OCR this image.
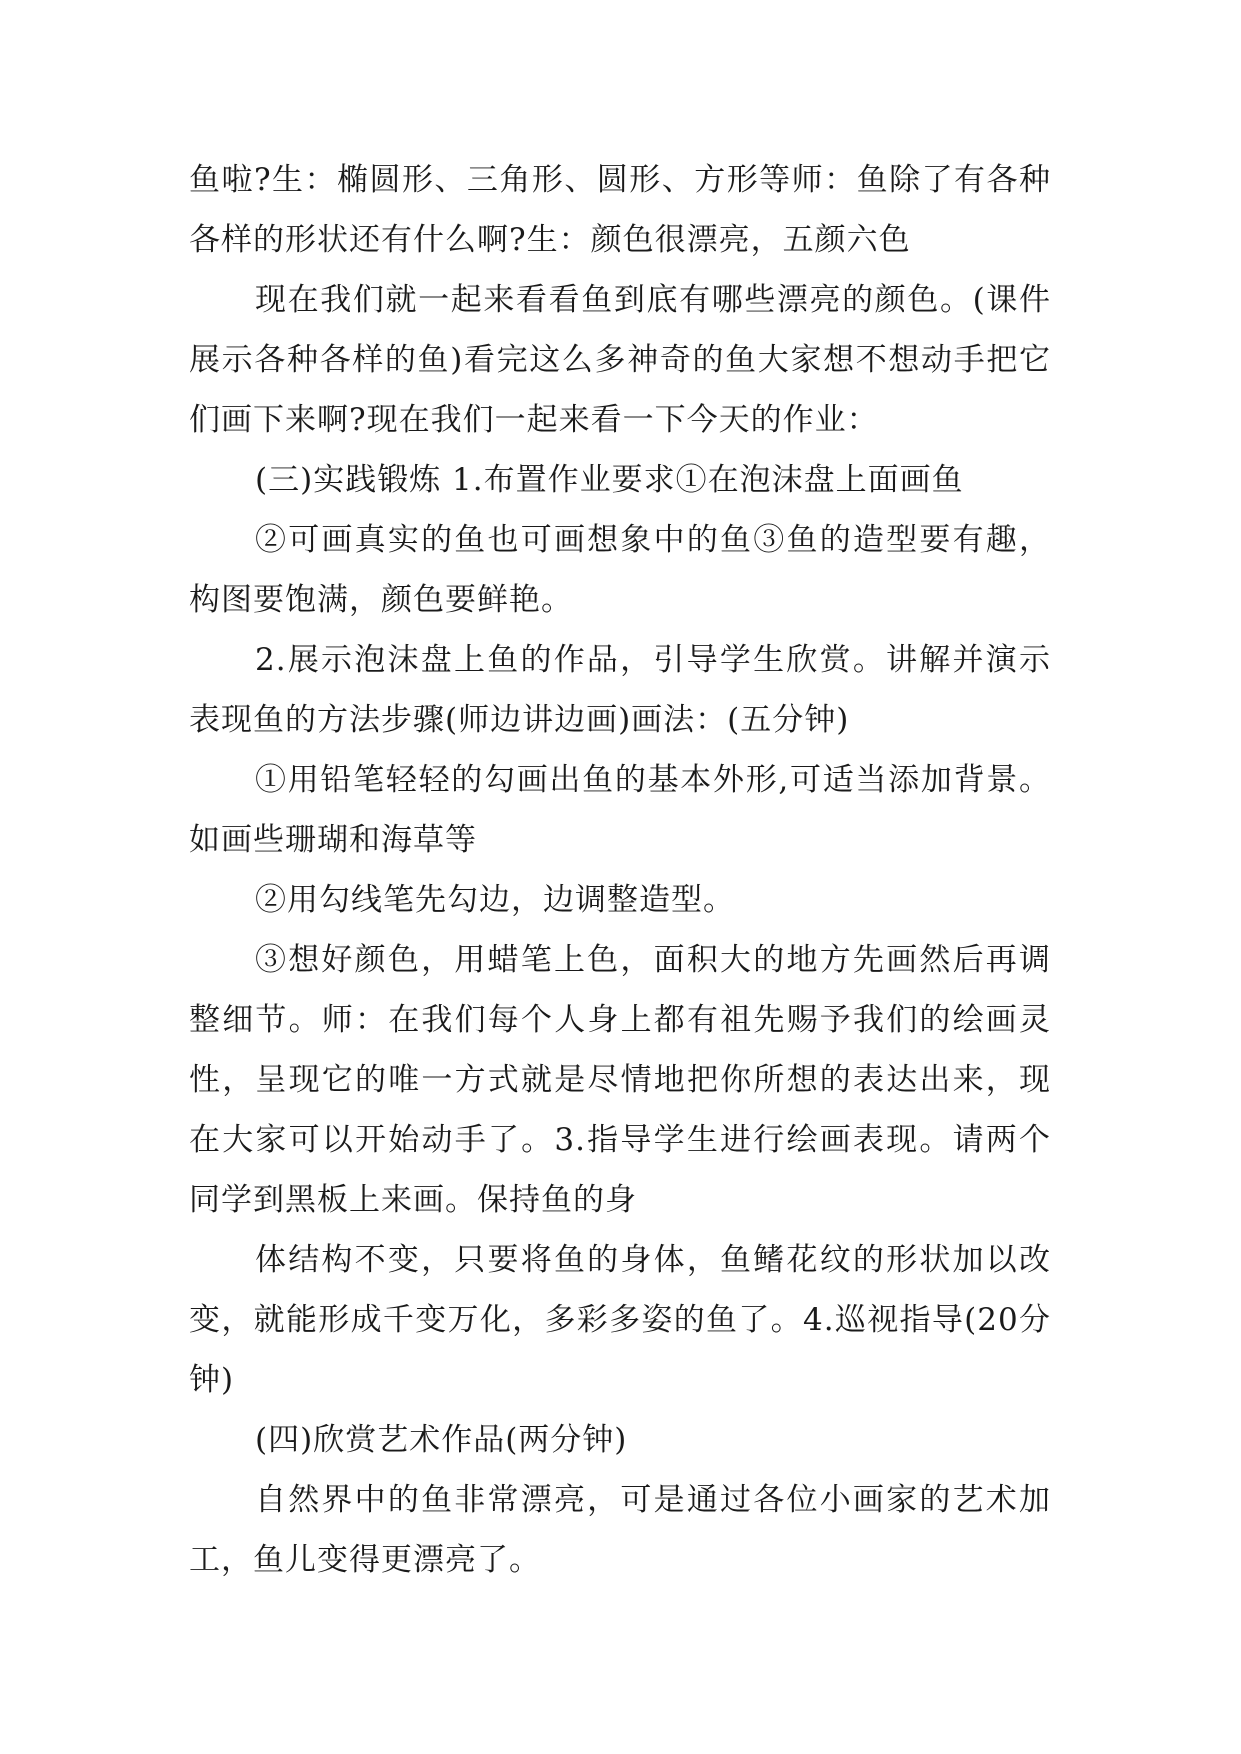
鱼啦?生：椭圆形、三角形、圆形、方形等师：鱼除了有各种各样的形状还有什么啊?生：颜色很漂亮，五颜六色

现在我们就一起来看看鱼到底有哪些漂亮的颜色。(课件展示各种各样的鱼)看完这么多神奇的鱼大家想不想动手把它们画下来啊?现在我们一起来看一下今天的作业：

(三)实践锻炼 1.布置作业要求①在泡沫盘上面画鱼

②可画真实的鱼也可画想象中的鱼③鱼的造型要有趣，构图要饱满，颜色要鲜艳。

2.展示泡沫盘上鱼的作品，引导学生欣赏。讲解并演示表现鱼的方法步骤(师边讲边画)画法：(五分钟)

①用铅笔轻轻的勾画出鱼的基本外形,可适当添加背景。如画些珊瑚和海草等

②用勾线笔先勾边，边调整造型。

③想好颜色，用蜡笔上色，面积大的地方先画然后再调整细节。师：在我们每个人身上都有祖先赐予我们的绘画灵性，呈现它的唯一方式就是尽情地把你所想的表达出来，现在大家可以开始动手了。3.指导学生进行绘画表现。请两个同学到黑板上来画。保持鱼的身

体结构不变，只要将鱼的身体，鱼鳍花纹的形状加以改变，就能形成千变万化，多彩多姿的鱼了。4.巡视指导(20分钟)

(四)欣赏艺术作品(两分钟)

自然界中的鱼非常漂亮，可是通过各位小画家的艺术加工，鱼儿变得更漂亮了。
